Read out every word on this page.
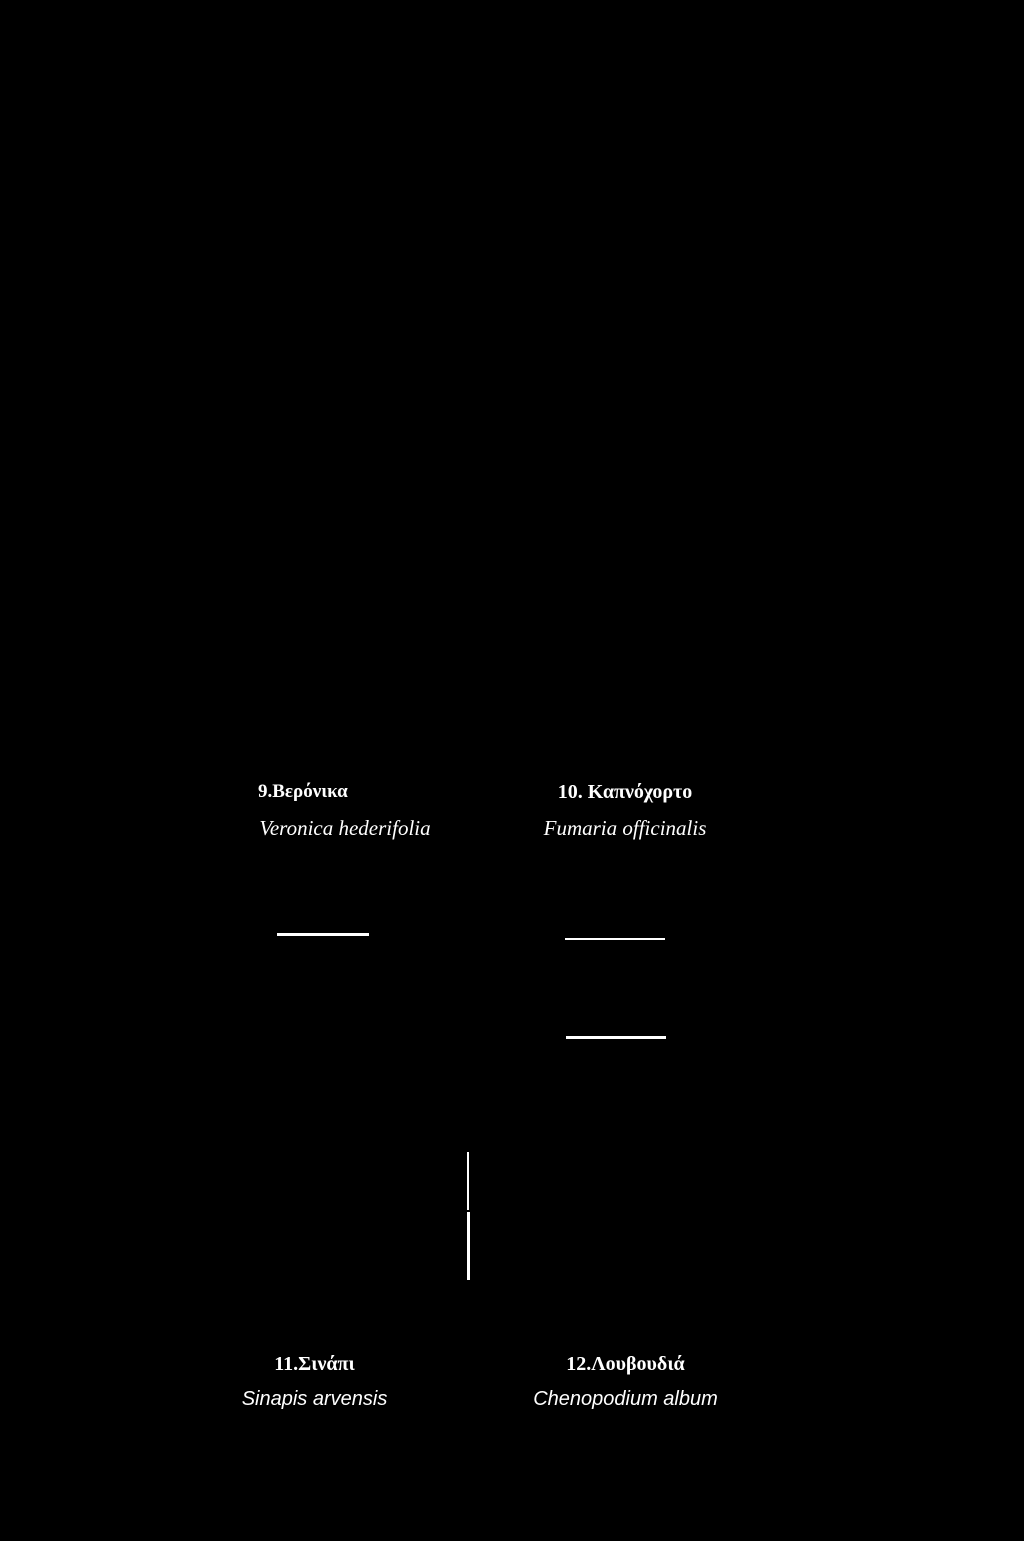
9.Βερόνικα
Veronica hederifolia
10. Καπνόχορτο
Fumaria officinalis
11.Σινάπι
Sinapis arvensis
12.Λουβουδιά
Chenopodium album
